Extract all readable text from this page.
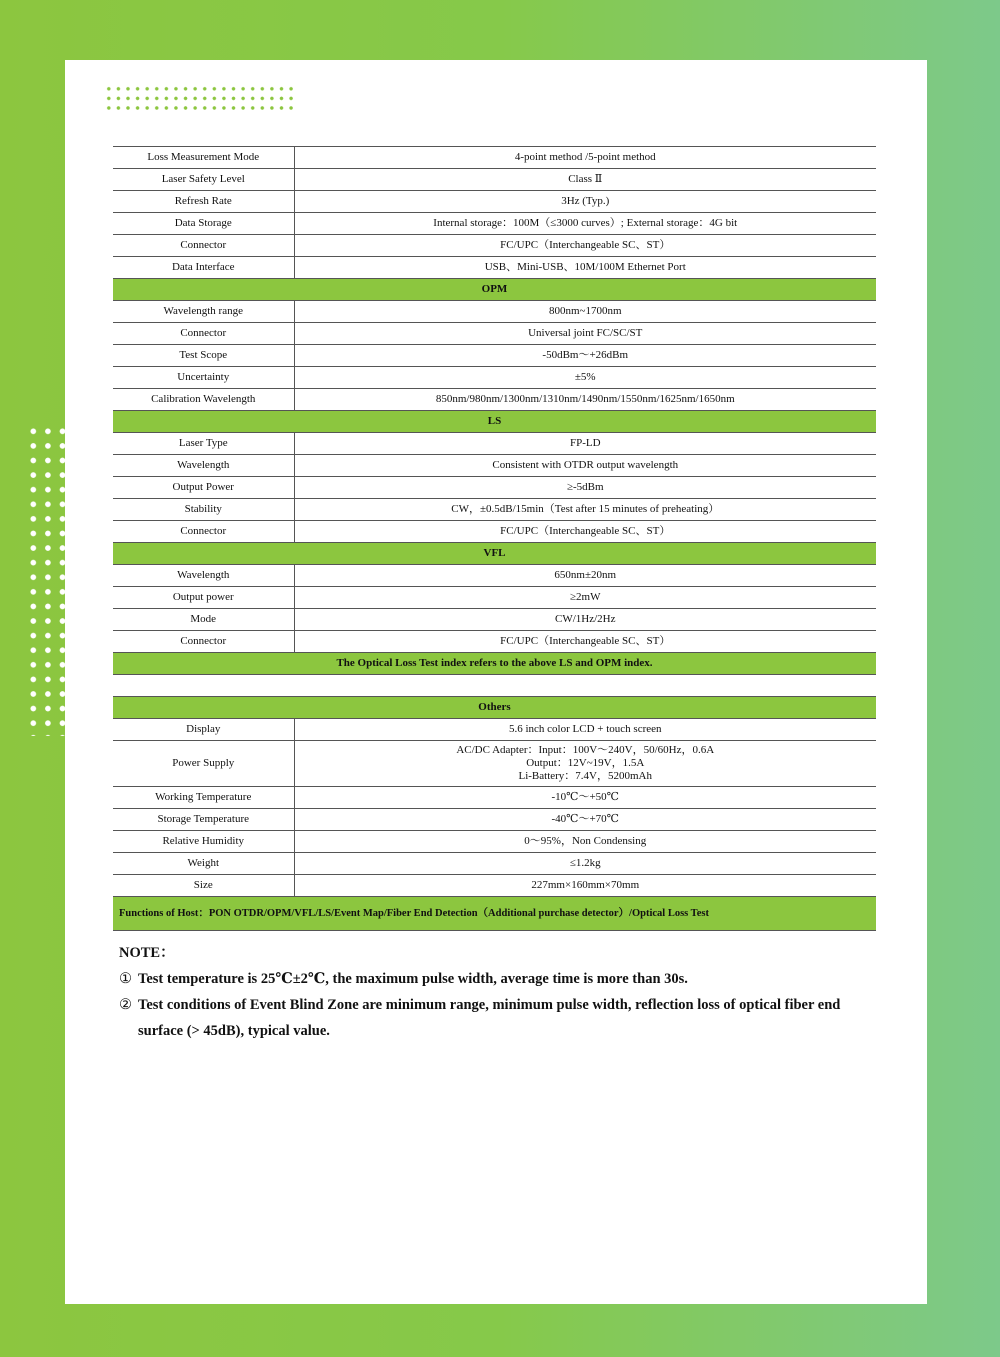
Loss Measurement Mode	4-point method /5-point method
Laser Safety Level	Class Ⅱ
Refresh Rate	3Hz (Typ.)
Data Storage	Internal storage：100M（≤3000 curves）; External storage：4G bit
Connector	FC/UPC（Interchangeable SC、ST）
Data Interface	USB、Mini-USB、10M/100M Ethernet Port
OPM	
Wavelength range	800nm~1700nm
Connector	Universal joint FC/SC/ST
Test Scope	-50dBm～+26dBm
Uncertainty	±5%
Calibration Wavelength	850nm/980nm/1300nm/1310nm/1490nm/1550nm/1625nm/1650nm
LS	
Laser Type	FP-LD
Wavelength	Consistent with OTDR output wavelength
Output Power	≥-5dBm
Stability	CW，±0.5dB/15min（Test after 15 minutes of preheating）
Connector	FC/UPC（Interchangeable SC、ST）
VFL	
Wavelength	650nm±20nm
Output power	≥2mW
Mode	CW/1Hz/2Hz
Connector	FC/UPC（Interchangeable SC、ST）
The Optical Loss Test index refers to the above LS and OPM index.	

Others	
Display	5.6 inch color LCD + touch screen
Power Supply	AC/DC Adapter：Input：100V～240V，50/60Hz，0.6A
Output：12V~19V，1.5A
Li-Battery：7.4V，5200mAh

Working Temperature	-10℃～+50℃
Storage Temperature	-40℃～+70℃
Relative Humidity	0～95%，Non Condensing
Weight	≤1.2kg
Size	227mm×160mm×70mm
Functions of Host：PON OTDR/OPM/VFL/LS/Event Map/Fiber End Detection（Additional purchase detector）/Optical Loss Test	
NOTE：
① Test temperature is 25℃±2℃, the maximum pulse width, average time is more than 30s.
② Test conditions of Event Blind Zone are minimum range, minimum pulse width, reflection loss of optical fiber end surface (> 45dB), typical value.
